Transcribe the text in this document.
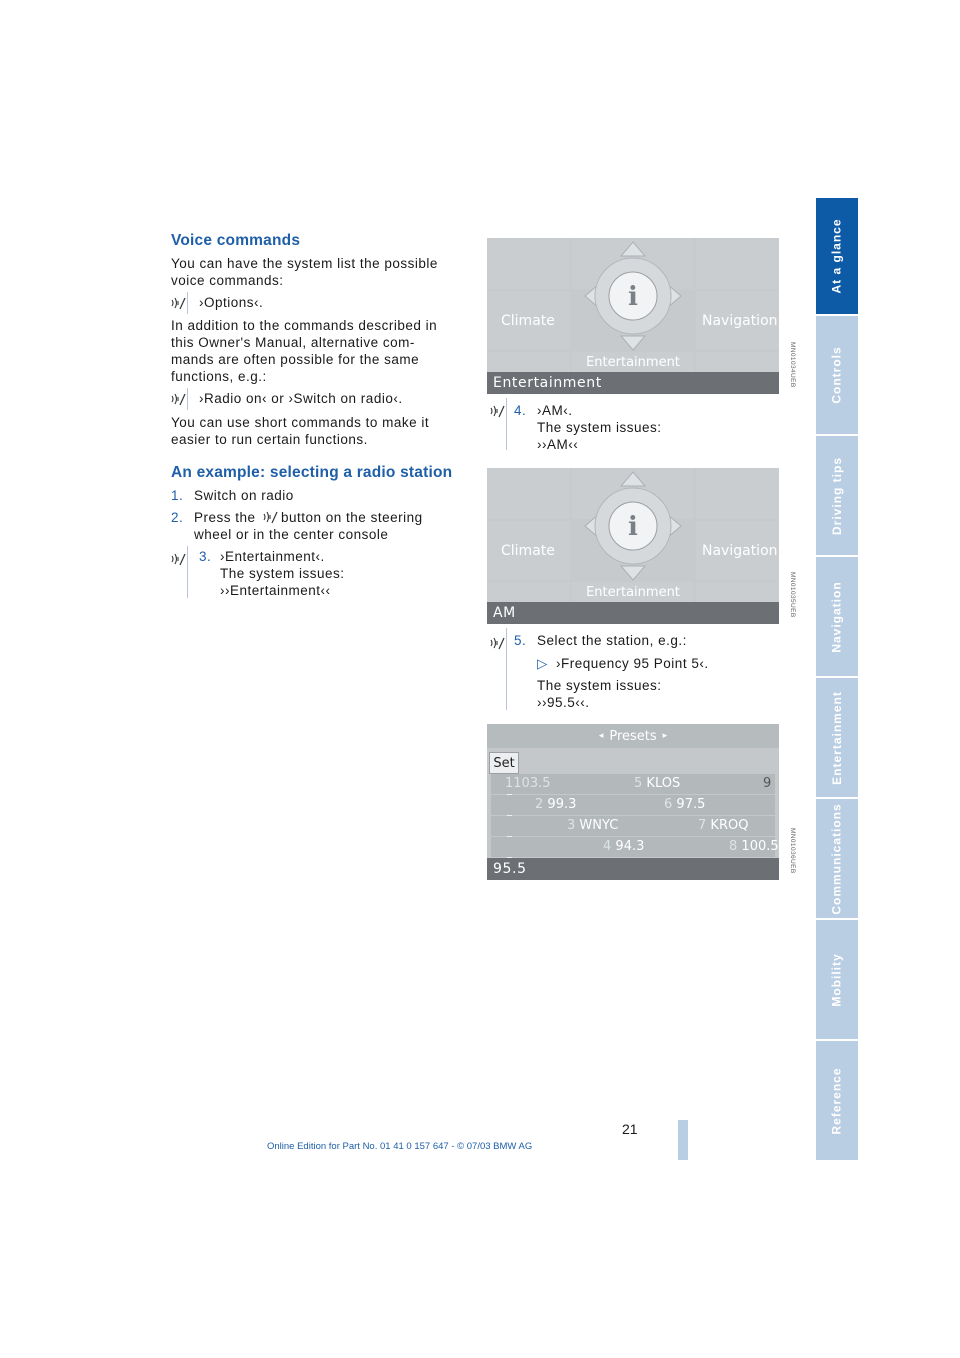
At a glance
Controls
Driving tips
Navigation
Entertainment
Communications
Mobility
Reference
Voice commands
You can have the system list the possible voice commands:
›Options‹.
In addition to the commands described in
this Owner's Manual, alternative com-
mands are often possible for the same
functions, e.g.:
›Radio on‹ or ›Switch on radio‹.
You can use short commands to make it
easier to run certain functions.
An example: selecting a radio station
1. Switch on radio
2. Press the button on the steering
wheel or in the center console
3. ›Entertainment‹.
The system issues:
››Entertainment‹‹
Climate	Navigation
Entertainment
i
Entertainment	MN01034UEB
4. ›AM‹.
The system issues:
››AM‹‹
Climate	Navigation
Entertainment
i
AM	MN01035UEB
5. Select the station, e.g.:
▷ ›Frequency 95 Point 5‹.
The system issues:
››95.5‹‹.
◂ Presets ▸
Set
1103.5	5 KLOS	9
2 99.3	6 97.5
3 WNYC	7 KROQ
4 94.3	8 100.5
95.5	MN01036UEB
21
Online Edition for Part No. 01 41 0 157 647 - © 07/03 BMW AG
